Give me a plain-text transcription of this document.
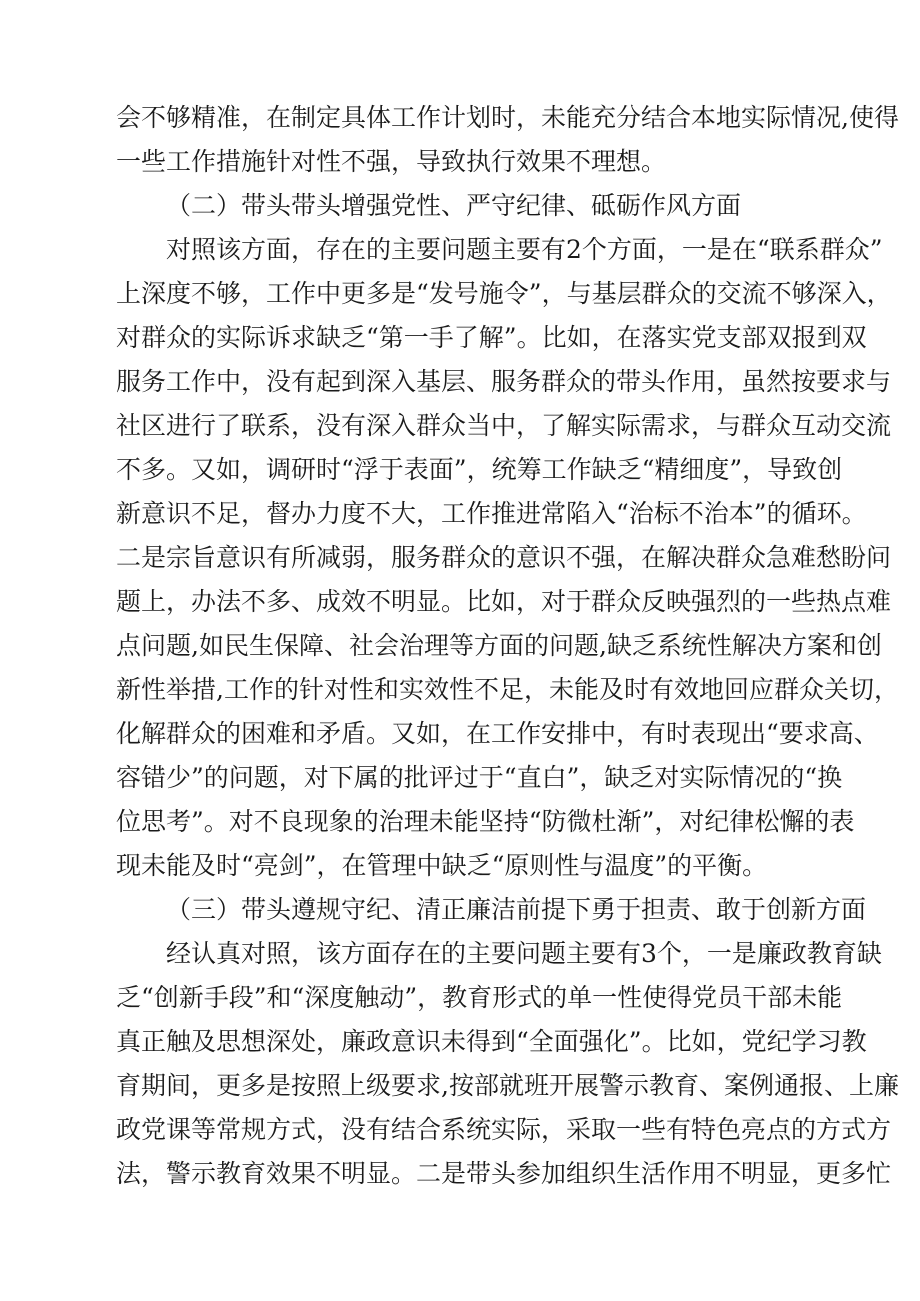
会不够精准，在制定具体工作计划时，未能充分结合本地实际情况,使得
一些工作措施针对性不强，导致执行效果不理想。
（二）带头带头增强党性、严守纪律、砥砺作风方面
对照该方面，存在的主要问题主要有2个方面，一是在“联系群众”
上深度不够，工作中更多是“发号施令”，与基层群众的交流不够深入，
对群众的实际诉求缺乏“第一手了解”。比如，在落实党支部双报到双
服务工作中，没有起到深入基层、服务群众的带头作用，虽然按要求与
社区进行了联系，没有深入群众当中，了解实际需求，与群众互动交流
不多。又如，调研时“浮于表面”，统筹工作缺乏“精细度”，导致创
新意识不足，督办力度不大，工作推进常陷入“治标不治本”的循环。
二是宗旨意识有所减弱，服务群众的意识不强，在解决群众急难愁盼问
题上，办法不多、成效不明显。比如，对于群众反映强烈的一些热点难
点问题,如民生保障、社会治理等方面的问题,缺乏系统性解决方案和创
新性举措,工作的针对性和实效性不足，未能及时有效地回应群众关切，
化解群众的困难和矛盾。又如，在工作安排中，有时表现出“要求高、
容错少”的问题，对下属的批评过于“直白”，缺乏对实际情况的“换
位思考”。对不良现象的治理未能坚持“防微杜渐”，对纪律松懈的表
现未能及时“亮剑”，在管理中缺乏“原则性与温度”的平衡。
（三）带头遵规守纪、清正廉洁前提下勇于担责、敢于创新方面
经认真对照，该方面存在的主要问题主要有3个，一是廉政教育缺
乏“创新手段”和“深度触动”，教育形式的单一性使得党员干部未能
真正触及思想深处，廉政意识未得到“全面强化”。比如，党纪学习教
育期间，更多是按照上级要求,按部就班开展警示教育、案例通报、上廉
政党课等常规方式，没有结合系统实际，采取一些有特色亮点的方式方
法，警示教育效果不明显。二是带头参加组织生活作用不明显，更多忙
